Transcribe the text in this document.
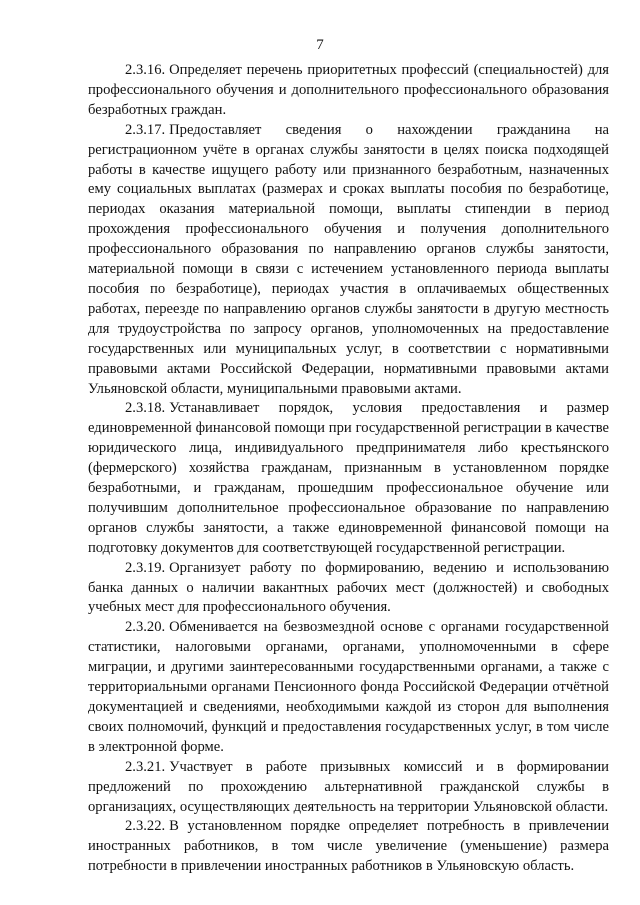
7

2.3.16. Определяет перечень приоритетных профессий (специальностей) для профессионального обучения и дополнительного профессионального образования безработных граждан.

2.3.17. Предоставляет сведения о нахождении гражданина на регистрационном учёте в органах службы занятости в целях поиска подходящей работы в качестве ищущего работу или признанного безработным, назначенных ему социальных выплатах (размерах и сроках выплаты пособия по безработице, периодах оказания материальной помощи, выплаты стипендии в период прохождения профессионального обучения и получения дополнительного профессионального образования по направлению органов службы занятости, материальной помощи в связи с истечением установленного периода выплаты пособия по безработице), периодах участия в оплачиваемых общественных работах, переезде по направлению органов службы занятости в другую местность для трудоустройства по запросу органов, уполномоченных на предоставление государственных или муниципальных услуг, в соответствии с нормативными правовыми актами Российской Федерации, нормативными правовыми актами Ульяновской области, муниципальными правовыми актами.

2.3.18. Устанавливает порядок, условия предоставления и размер единовременной финансовой помощи при государственной регистрации в качестве юридического лица, индивидуального предпринимателя либо крестьянского (фермерского) хозяйства гражданам, признанным в установленном порядке безработными, и гражданам, прошедшим профессиональное обучение или получившим дополнительное профессиональное образование по направлению органов службы занятости, а также единовременной финансовой помощи на подготовку документов для соответствующей государственной регистрации.

2.3.19. Организует работу по формированию, ведению и использованию банка данных о наличии вакантных рабочих мест (должностей) и свободных учебных мест для профессионального обучения.

2.3.20. Обменивается на безвозмездной основе с органами государственной статистики, налоговыми органами, органами, уполномоченными в сфере миграции, и другими заинтересованными государственными органами, а также с территориальными органами Пенсионного фонда Российской Федерации отчётной документацией и сведениями, необходимыми каждой из сторон для выполнения своих полномочий, функций и предоставления государственных услуг, в том числе в электронной форме.

2.3.21. Участвует в работе призывных комиссий и в формировании предложений по прохождению альтернативной гражданской службы в организациях, осуществляющих деятельность на территории Ульяновской области.

2.3.22. В установленном порядке определяет потребность в привлечении иностранных работников, в том числе увеличение (уменьшение) размера потребности в привлечении иностранных работников в Ульяновскую область.
